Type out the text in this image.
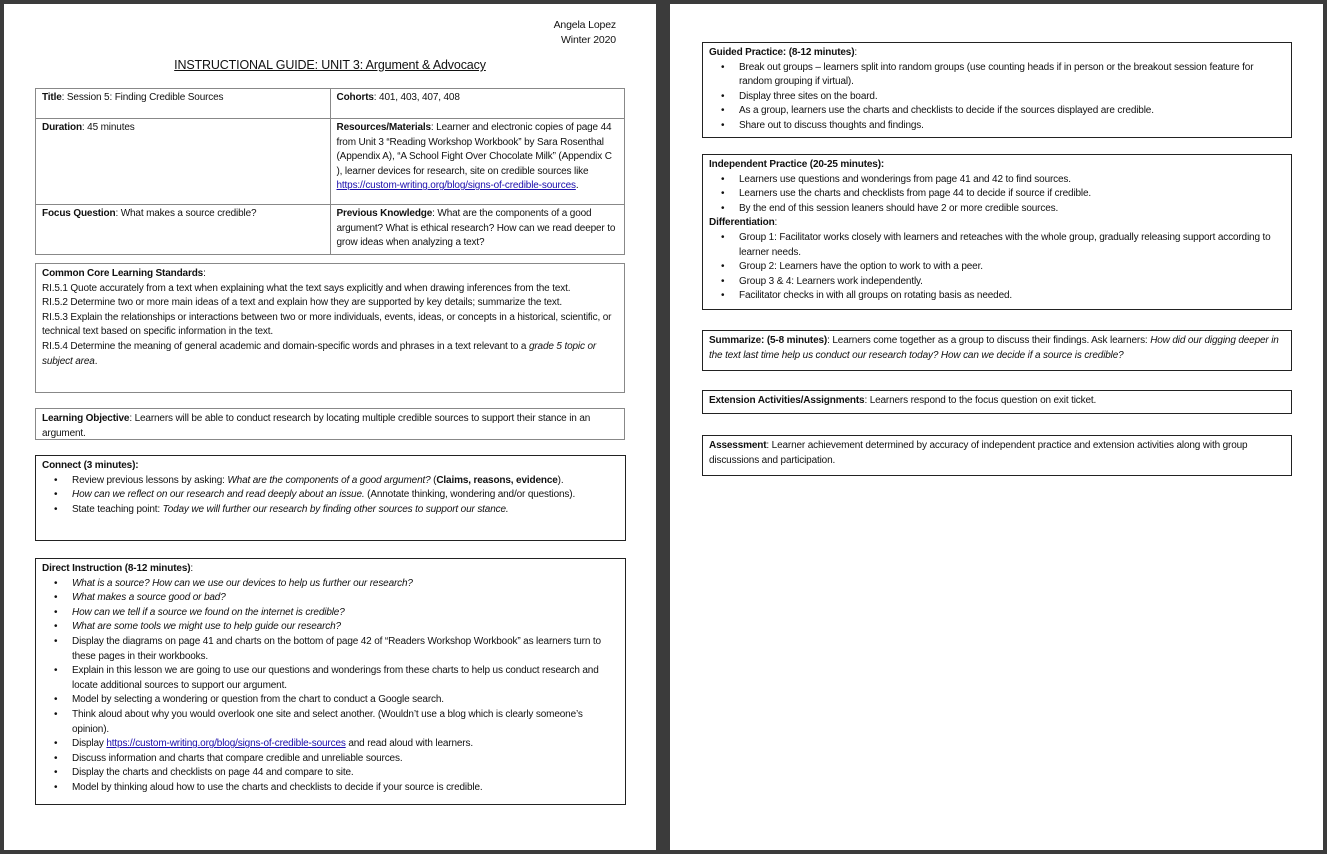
Angela Lopez
Winter 2020
INSTRUCTIONAL GUIDE: UNIT 3: Argument & Advocacy
Title: Session 5: Finding Credible Sources	Cohorts: 401, 403, 407, 408
Duration: 45 minutes	Resources/Materials: Learner and electronic copies of page 44 from Unit 3 “Reading Workshop Workbook” by Sara Rosenthal (Appendix A), “A School Fight Over Chocolate Milk” (Appendix C ), learner devices for research, site on credible sources like https://custom-writing.org/blog/signs-of-credible-sources.
Focus Question: What makes a source credible?	Previous Knowledge: What are the components of a good argument? What is ethical research? How can we read deeper to grow ideas when analyzing a text?
Common Core Learning Standards:
RI.5.1 Quote accurately from a text when explaining what the text says explicitly and when drawing inferences from the text.
RI.5.2 Determine two or more main ideas of a text and explain how they are supported by key details; summarize the text.
RI.5.3 Explain the relationships or interactions between two or more individuals, events, ideas, or concepts in a historical, scientific, or technical text based on specific information in the text.
RI.5.4 Determine the meaning of general academic and domain-specific words and phrases in a text relevant to a grade 5 topic or subject area.
Learning Objective: Learners will be able to conduct research by locating multiple credible sources to support their stance in an argument.
Connect (3 minutes):
• Review previous lessons by asking: What are the components of a good argument? (Claims, reasons, evidence).
• How can we reflect on our research and read deeply about an issue. (Annotate thinking, wondering and/or questions).
• State teaching point: Today we will further our research by finding other sources to support our stance.
Direct Instruction (8-12 minutes):
• What is a source? How can we use our devices to help us further our research?
• What makes a source good or bad?
• How can we tell if a source we found on the internet is credible?
• What are some tools we might use to help guide our research?
• Display the diagrams on page 41 and charts on the bottom of page 42 of “Readers Workshop Workbook” as learners turn to these pages in their workbooks.
• Explain in this lesson we are going to use our questions and wonderings from these charts to help us conduct research and locate additional sources to support our argument.
• Model by selecting a wondering or question from the chart to conduct a Google search.
• Think aloud about why you would overlook one site and select another. (Wouldn’t use a blog which is clearly someone’s opinion).
• Display https://custom-writing.org/blog/signs-of-credible-sources and read aloud with learners.
• Discuss information and charts that compare credible and unreliable sources.
• Display the charts and checklists on page 44 and compare to site.
• Model by thinking aloud how to use the charts and checklists to decide if your source is credible.
Guided Practice: (8-12 minutes):
• Break out groups – learners split into random groups (use counting heads if in person or the breakout session feature for random grouping if virtual).
• Display three sites on the board.
• As a group, learners use the charts and checklists to decide if the sources displayed are credible.
• Share out to discuss thoughts and findings.
Independent Practice (20-25 minutes):
• Learners use questions and wonderings from page 41 and 42 to find sources.
• Learners use the charts and checklists from page 44 to decide if source if credible.
• By the end of this session leaners should have 2 or more credible sources.
Differentiation:
• Group 1: Facilitator works closely with learners and reteaches with the whole group, gradually releasing support according to learner needs.
• Group 2: Learners have the option to work to with a peer.
• Group 3 & 4: Learners work independently.
• Facilitator checks in with all groups on rotating basis as needed.
Summarize: (5-8 minutes): Learners come together as a group to discuss their findings. Ask learners: How did our digging deeper in the text last time help us conduct our research today? How can we decide if a source is credible?
Extension Activities/Assignments: Learners respond to the focus question on exit ticket.
Assessment: Learner achievement determined by accuracy of independent practice and extension activities along with group discussions and participation.
